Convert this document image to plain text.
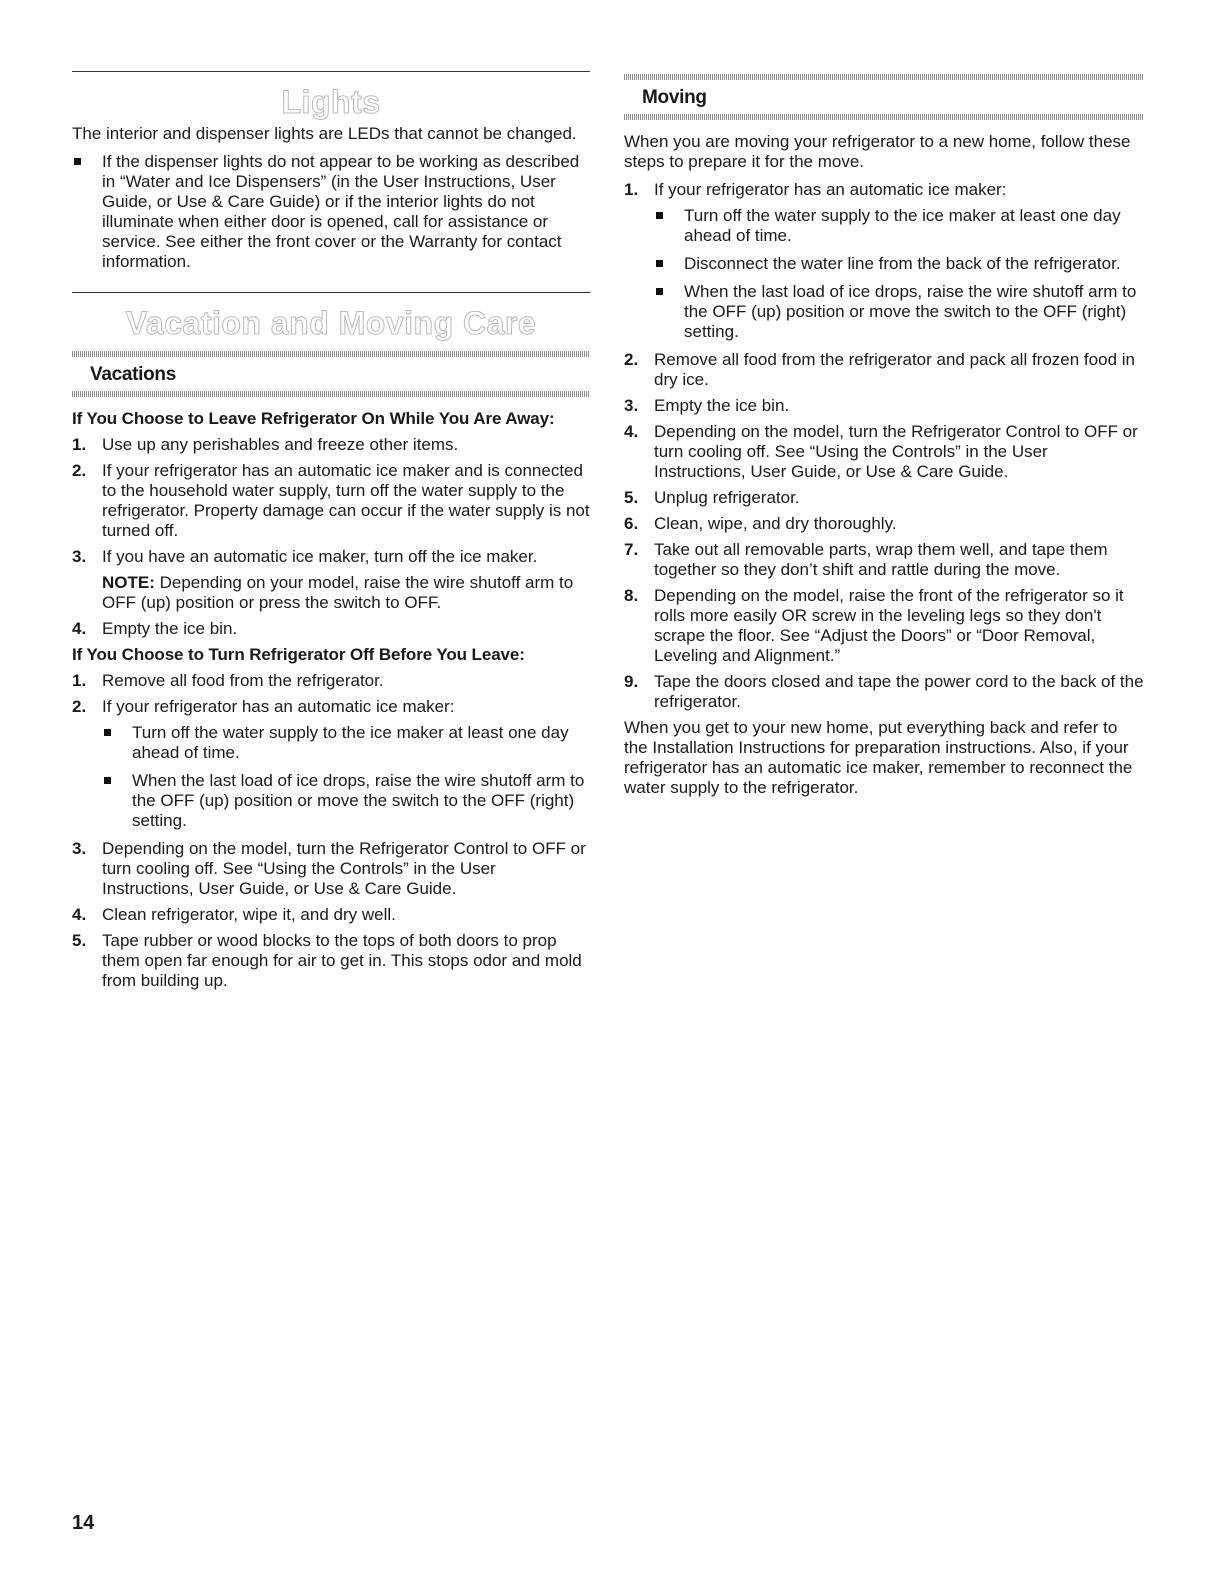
Lights

The interior and dispenser lights are LEDs that cannot be changed.

If the dispenser lights do not appear to be working as described in “Water and Ice Dispensers” (in the User Instructions, User Guide, or Use & Care Guide) or if the interior lights do not illuminate when either door is opened, call for assistance or service. See either the front cover or the Warranty for contact information.
Vacation and Moving Care
Vacations
If You Choose to Leave Refrigerator On While You Are Away:
1. Use up any perishables and freeze other items.
2. If your refrigerator has an automatic ice maker and is connected to the household water supply, turn off the water supply to the refrigerator. Property damage can occur if the water supply is not turned off.
3. If you have an automatic ice maker, turn off the ice maker.
NOTE: Depending on your model, raise the wire shutoff arm to OFF (up) position or press the switch to OFF.
4. Empty the ice bin.
If You Choose to Turn Refrigerator Off Before You Leave:
1. Remove all food from the refrigerator.
2. If your refrigerator has an automatic ice maker:
Turn off the water supply to the ice maker at least one day ahead of time.
When the last load of ice drops, raise the wire shutoff arm to the OFF (up) position or move the switch to the OFF (right) setting.
3. Depending on the model, turn the Refrigerator Control to OFF or turn cooling off. See “Using the Controls” in the User Instructions, User Guide, or Use & Care Guide.
4. Clean refrigerator, wipe it, and dry well.
5. Tape rubber or wood blocks to the tops of both doors to prop them open far enough for air to get in. This stops odor and mold from building up.
Moving

When you are moving your refrigerator to a new home, follow these steps to prepare it for the move.

1. If your refrigerator has an automatic ice maker:
Turn off the water supply to the ice maker at least one day ahead of time.
Disconnect the water line from the back of the refrigerator.
When the last load of ice drops, raise the wire shutoff arm to the OFF (up) position or move the switch to the OFF (right) setting.
2. Remove all food from the refrigerator and pack all frozen food in dry ice.
3. Empty the ice bin.
4. Depending on the model, turn the Refrigerator Control to OFF or turn cooling off. See “Using the Controls” in the User Instructions, User Guide, or Use & Care Guide.
5. Unplug refrigerator.
6. Clean, wipe, and dry thoroughly.
7. Take out all removable parts, wrap them well, and tape them together so they don’t shift and rattle during the move.
8. Depending on the model, raise the front of the refrigerator so it rolls more easily OR screw in the leveling legs so they don't scrape the floor. See “Adjust the Doors” or “Door Removal, Leveling and Alignment.”
9. Tape the doors closed and tape the power cord to the back of the refrigerator.

When you get to your new home, put everything back and refer to the Installation Instructions for preparation instructions. Also, if your refrigerator has an automatic ice maker, remember to reconnect the water supply to the refrigerator.

14
